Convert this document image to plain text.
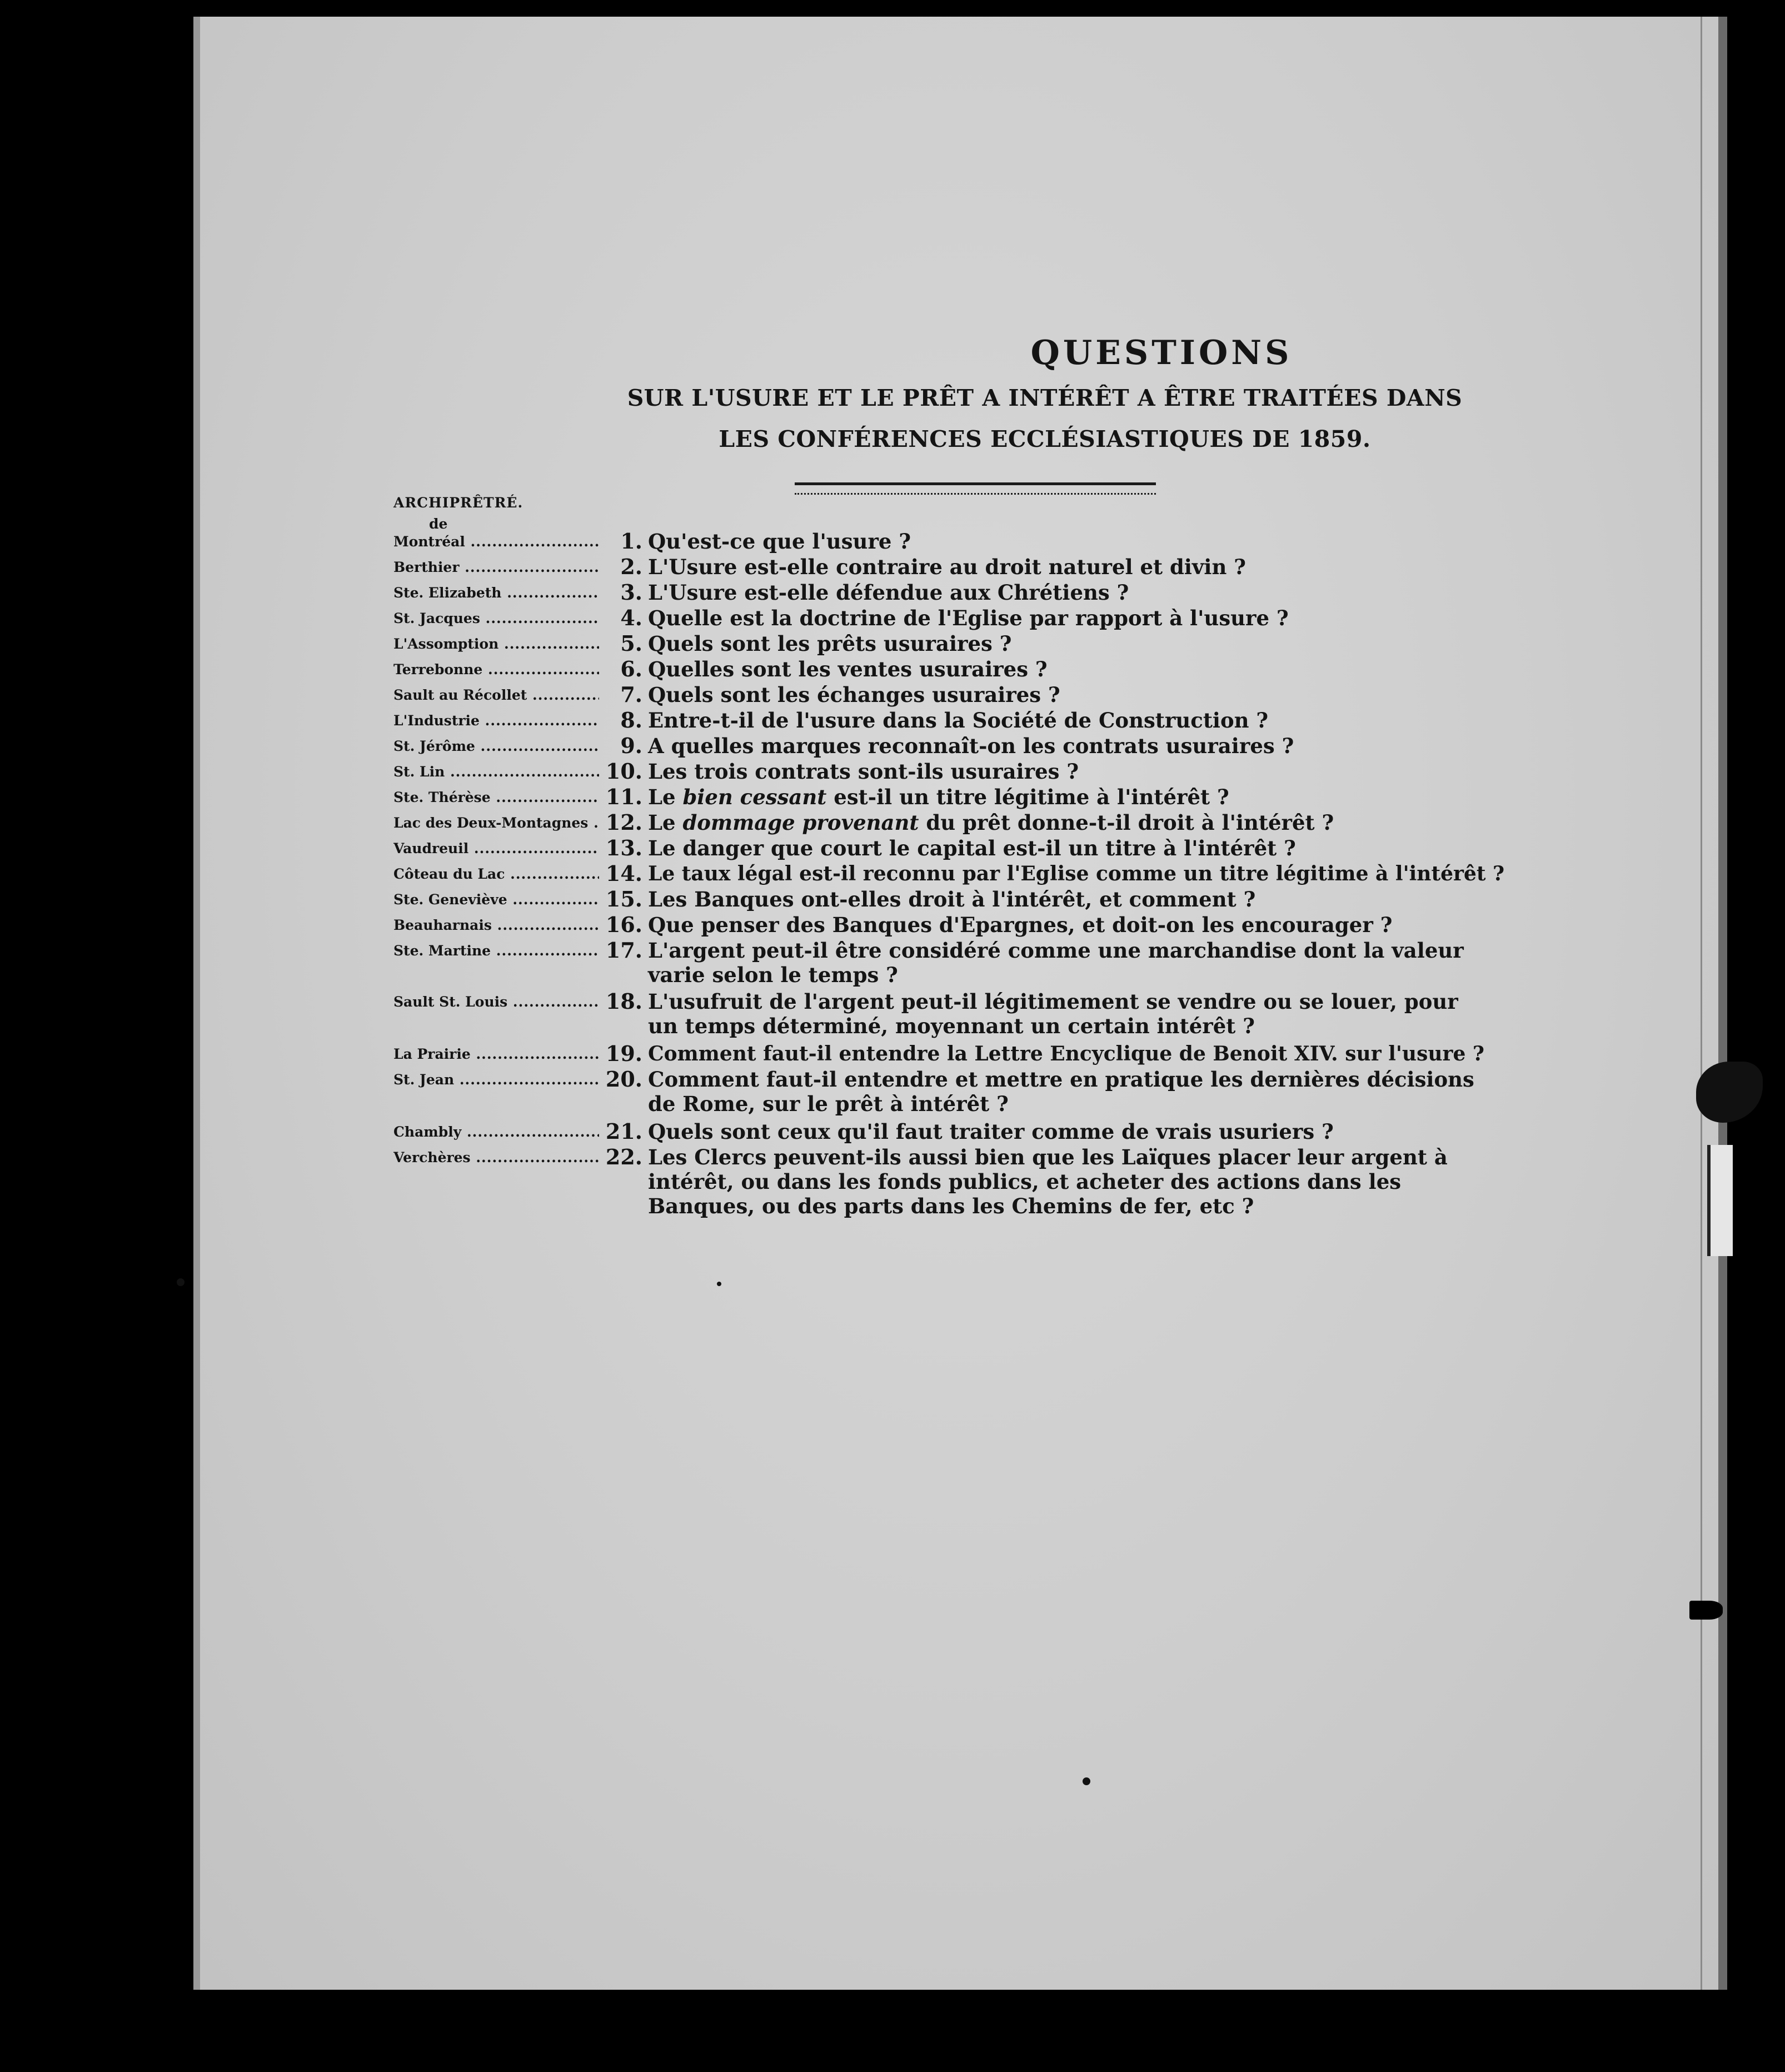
QUESTIONS
SUR L'USURE ET LE PRÊT A INTÉRÊT A ÊTRE TRAITÉES DANS
LES CONFÉRENCES ECCLÉSIASTIQUES DE 1859.
ARCHIPRÊTRÉ.
de
Montréal .....	1. Qu'est-ce que l'usure ?
Berthier .....	2. L'Usure est-elle contraire au droit naturel et divin ?
Ste. Elizabeth .....	3. L'Usure est-elle défendue aux Chrétiens ?
St. Jacques .....	4. Quelle est la doctrine de l'Eglise par rapport à l'usure ?
L'Assomption .....	5. Quels sont les prêts usuraires ?
Terrebonne .....	6. Quelles sont les ventes usuraires ?
Sault au Récollet .....	7. Quels sont les échanges usuraires ?
L'Industrie .....	8. Entre-t-il de l'usure dans la Société de Construction ?
St. Jérôme .....	9. A quelles marques reconnaît-on les contrats usuraires ?
St. Lin .....	10. Les trois contrats sont-ils usuraires ?
Ste. Thérèse .....	11. Le bien cessant est-il un titre légitime à l'intérêt ?
Lac des Deux-Montagnes ..... 12. Le dommage provenant du prêt donne-t-il droit à l'intérêt ?
Vaudreuil .....	13. Le danger que court le capital est-il un titre à l'intérêt ?
Côteau du Lac .....	14. Le taux légal est-il reconnu par l'Eglise comme un titre légitime à l'intérêt ?
Ste. Geneviève .....	15. Les Banques ont-elles droit à l'intérêt, et comment ?
Beauharnais .....	16. Que penser des Banques d'Epargnes, et doit-on les encourager ?
Ste. Martine .....	17. L'argent peut-il être considéré comme une marchandise dont la valeur varie selon le temps ?
Sault St. Louis .....	18. L'usufruit de l'argent peut-il légitimement se vendre ou se louer, pour un temps déterminé, moyennant un certain intérêt ?
La Prairie .....	19. Comment faut-il entendre la Lettre Encyclique de Benoit XIV. sur l'usure ?
St. Jean .....	20. Comment faut-il entendre et mettre en pratique les dernières décisions de Rome, sur le prêt à intérêt ?
Chambly .....	21. Quels sont ceux qu'il faut traiter comme de vrais usuriers ?
Verchères .....	22. Les Clercs peuvent-ils aussi bien que les Laïques placer leur argent à intérêt, ou dans les fonds publics, et acheter des actions dans les Banques, ou des parts dans les Chemins de fer, etc ?
